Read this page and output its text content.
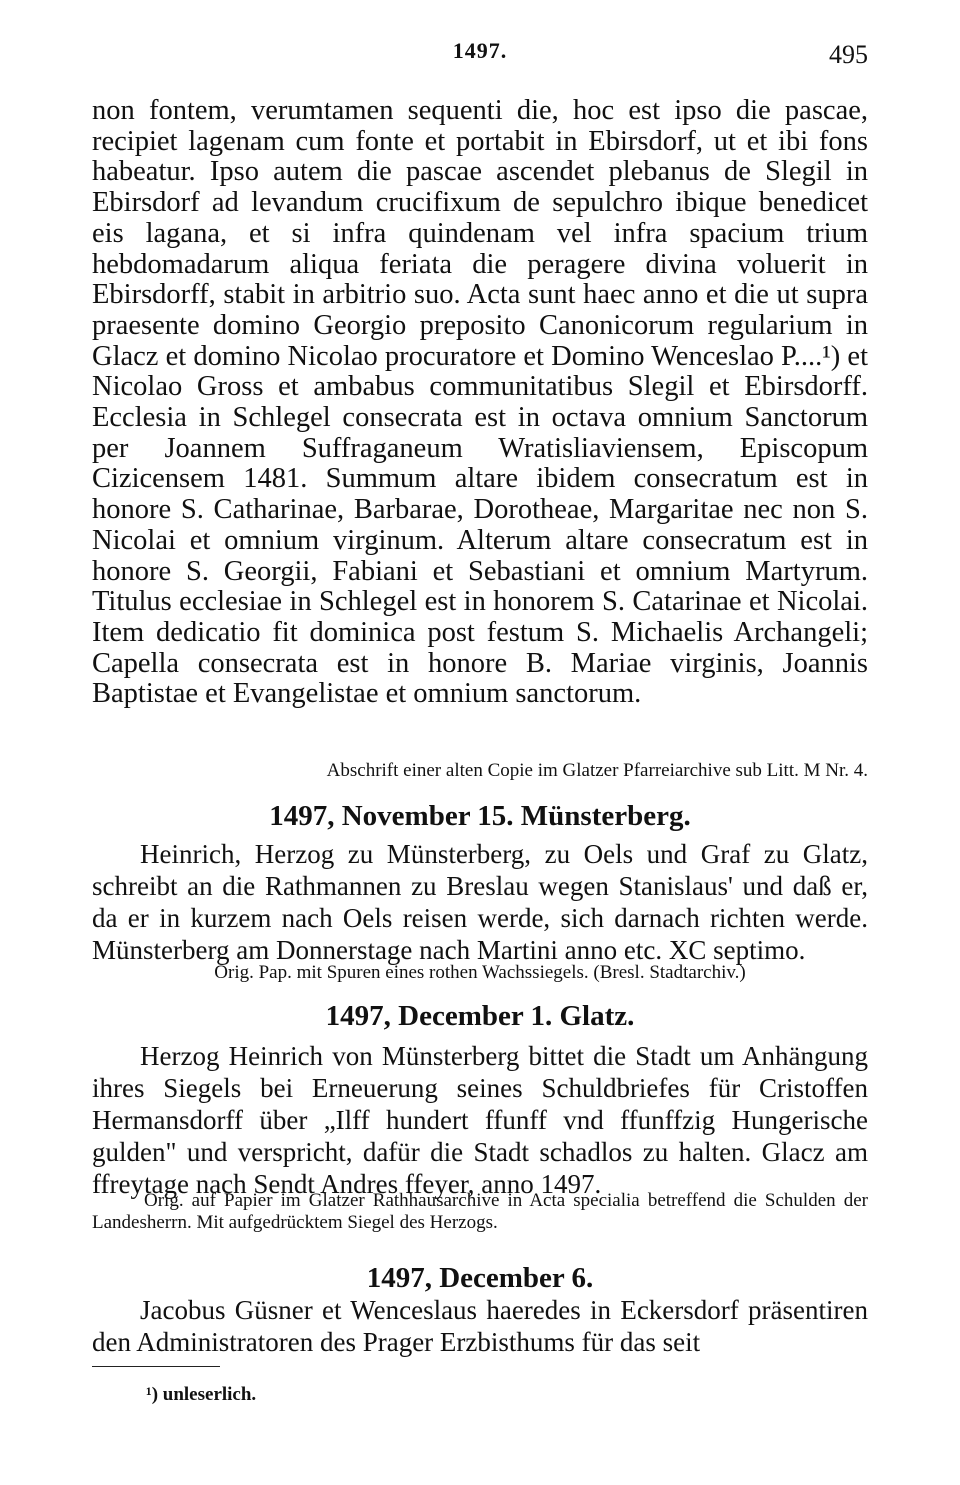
1497.	495

non fontem, verumtamen sequenti die, hoc est ipso die pascae, recipiet lagenam cum fonte et portabit in Ebirsdorf, ut et ibi fons habeatur. Ipso autem die pascae ascendet plebanus de Slegil in Ebirsdorf ad levandum crucifixum de sepulchro ibique benedicet eis lagana, et si infra quindenam vel infra spacium trium hebdomadarum aliqua feriata die peragere divina voluerit in Ebirsdorff, stabit in arbitrio suo. Acta sunt haec anno et die ut supra praesente domino Georgio preposito Canonicorum regularium in Glacz et domino Nicolao procuratore et Domino Wenceslao P....¹) et Nicolao Gross et ambabus communitatibus Slegil et Ebirsdorff. Ecclesia in Schlegel consecrata est in octava omnium Sanctorum per Joannem Suffraganeum Wratisliaviensem, Episcopum Cizicensem 1481. Summum altare ibidem consecratum est in honore S. Catharinae, Barbarae, Dorotheae, Margaritae nec non S. Nicolai et omnium virginum. Alterum altare consecratum est in honore S. Georgii, Fabiani et Sebastiani et omnium Martyrum. Titulus ecclesiae in Schlegel est in honorem S. Catarinae et Nicolai. Item dedicatio fit dominica post festum S. Michaelis Archangeli; Capella consecrata est in honore B. Mariae virginis, Joannis Baptistae et Evangelistae et omnium sanctorum.

Abschrift einer alten Copie im Glatzer Pfarreiarchive sub Litt. M Nr. 4.

1497, November 15. Münsterberg.

Heinrich, Herzog zu Münsterberg, zu Oels und Graf zu Glatz, schreibt an die Rathmannen zu Breslau wegen Stanislaus' und daß er, da er in kurzem nach Oels reisen werde, sich darnach richten werde. Münsterberg am Donnerstage nach Martini anno etc. XC septimo.

Orig. Pap. mit Spuren eines rothen Wachssiegels. (Bresl. Stadtarchiv.)

1497, December 1. Glatz.

Herzog Heinrich von Münsterberg bittet die Stadt um Anhängung ihres Siegels bei Erneuerung seines Schuldbriefes für Cristoffen Hermansdorff über „Ilff hundert ffunff vnd ffunffzig Hungerische gulden" und verspricht, dafür die Stadt schadlos zu halten. Glacz am ffreytage nach Sendt Andres ffeyer, anno 1497.

Orig. auf Papier im Glatzer Rathhausarchive in Acta specialia betreffend die Schulden der Landesherrn. Mit aufgedrücktem Siegel des Herzogs.

1497, December 6.

Jacobus Güsner et Wenceslaus haeredes in Eckersdorf präsentiren den Administratoren des Prager Erzbisthums für das seit

¹) unleserlich.
